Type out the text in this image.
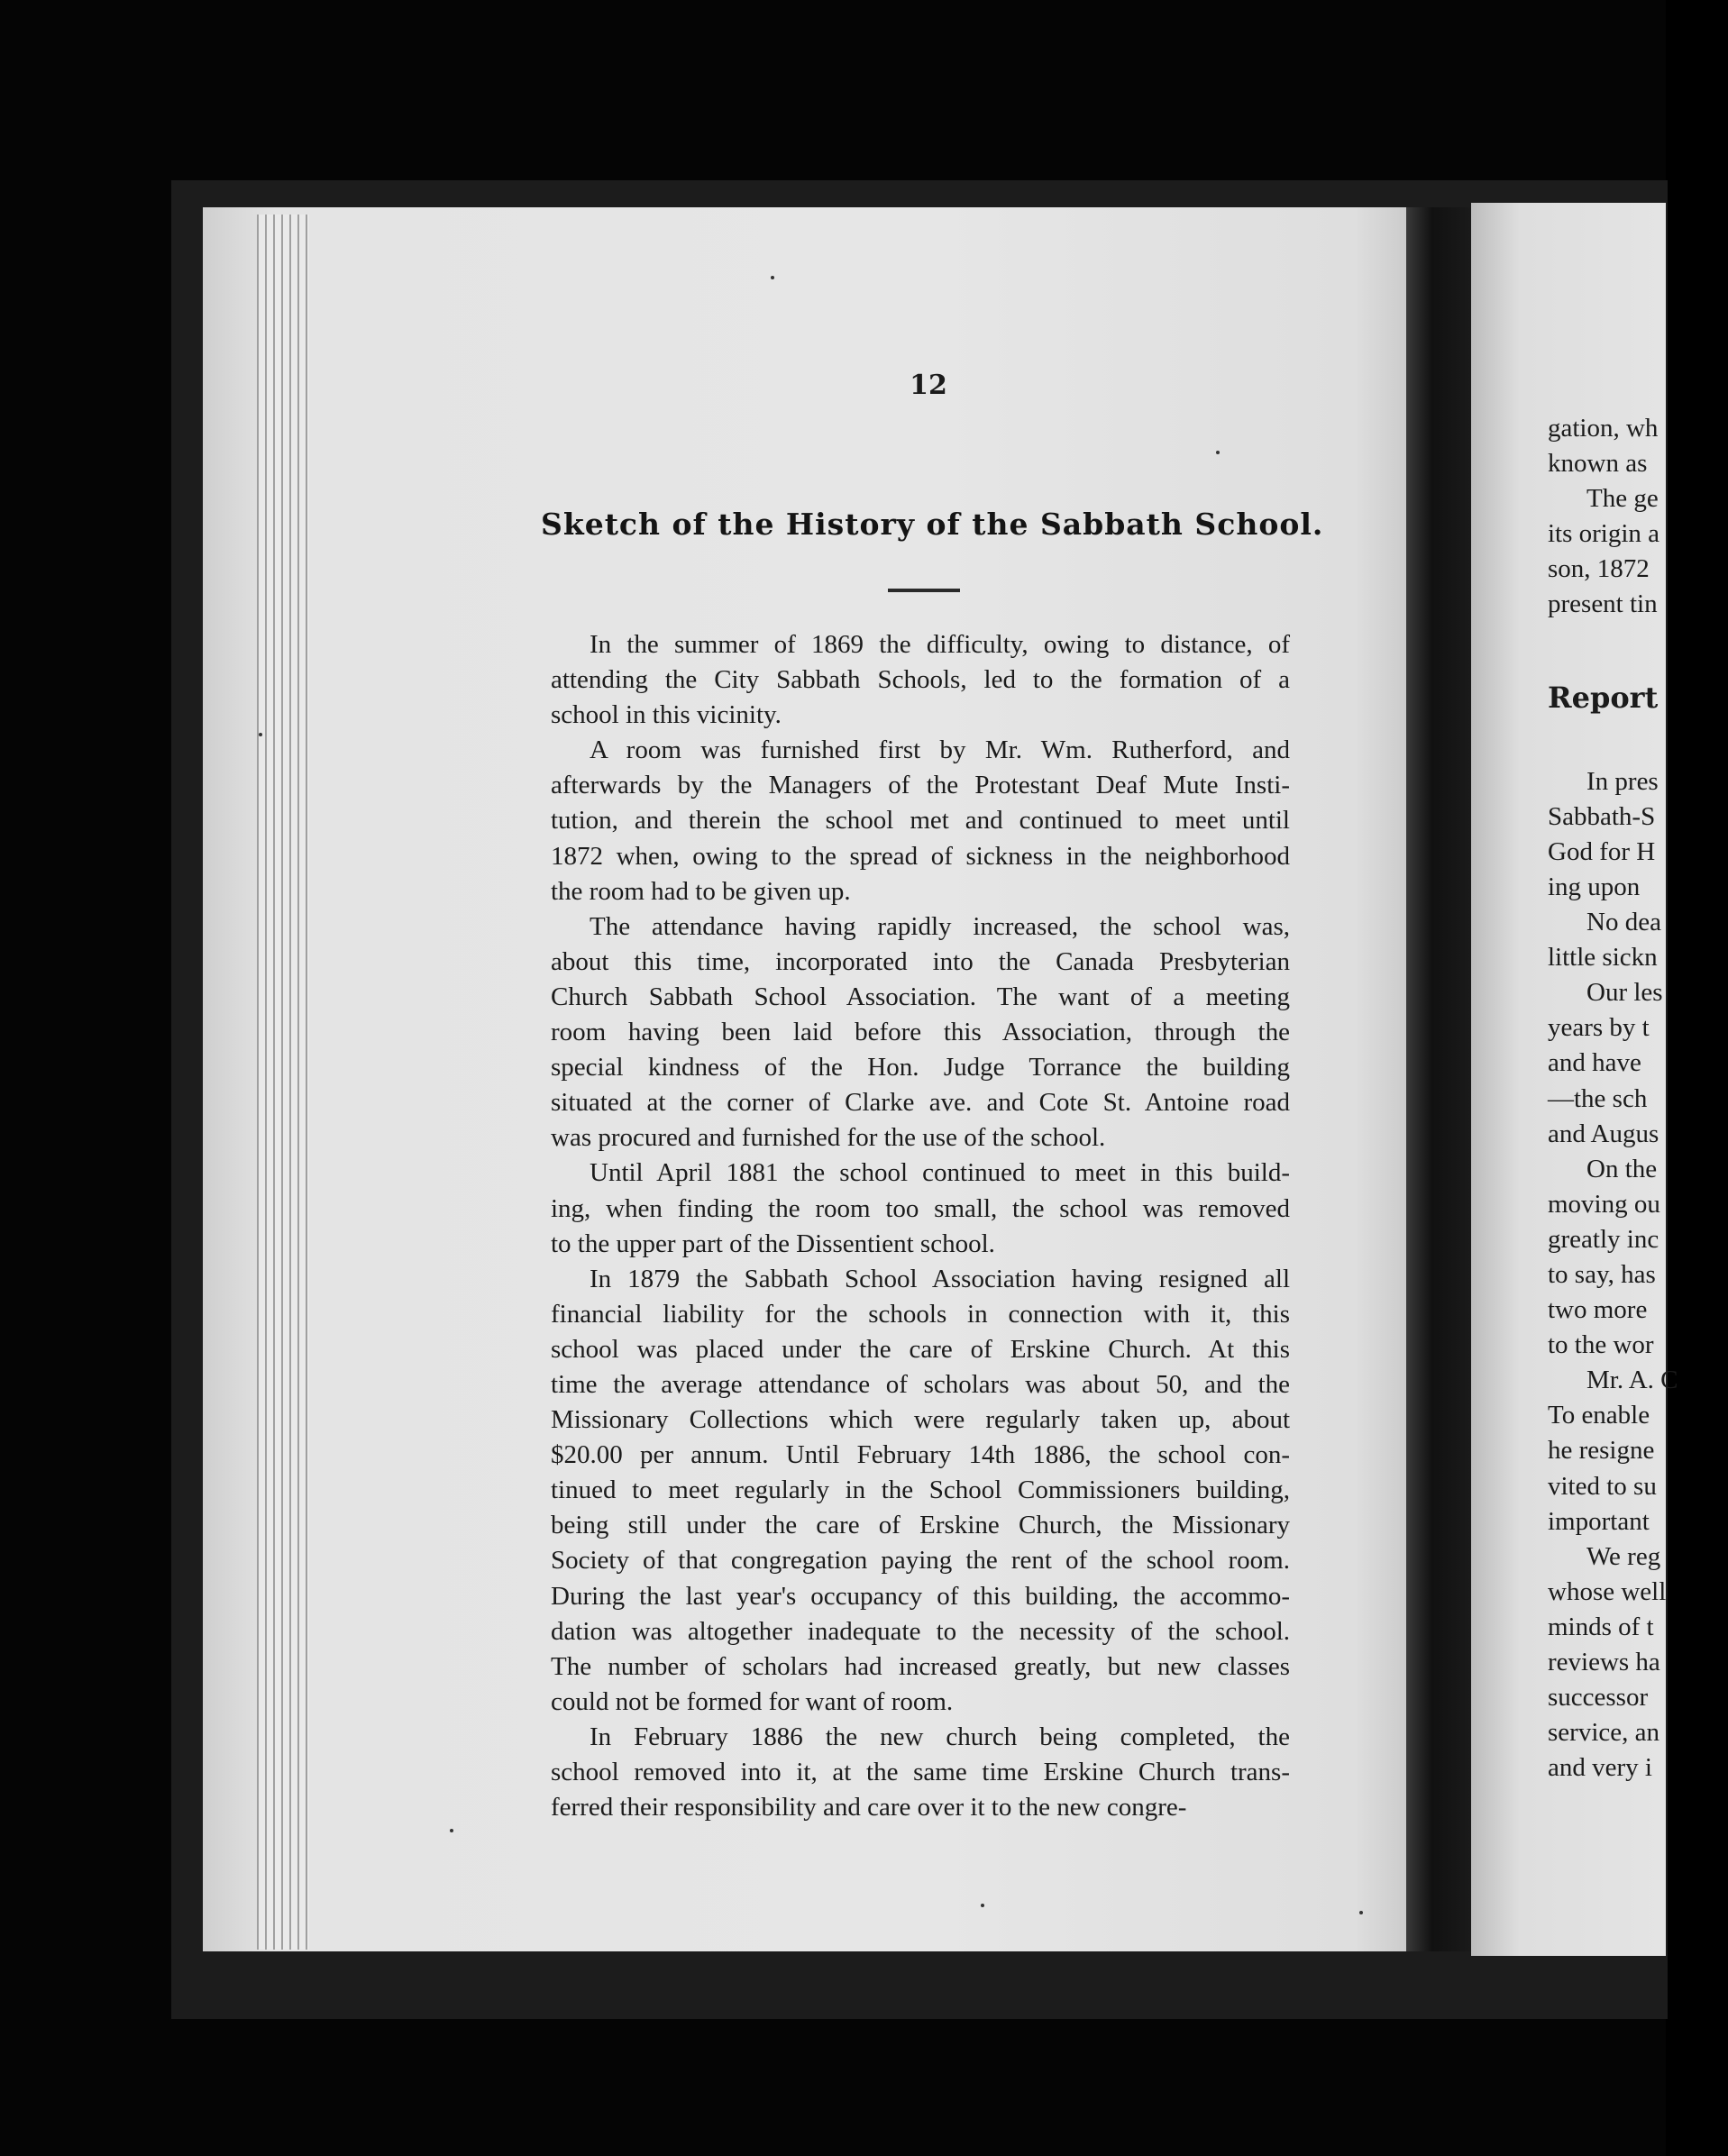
12
Sketch of the History of the Sabbath School.
In the summer of 1869 the difficulty, owing to distance, of
attending the City Sabbath Schools, led to the formation of a
school in this vicinity.
A room was furnished first by Mr. Wm. Rutherford, and
afterwards by the Managers of the Protestant Deaf Mute Insti-
tution, and therein the school met and continued to meet until
1872 when, owing to the spread of sickness in the neighborhood
the room had to be given up.
The attendance having rapidly increased, the school was,
about this time, incorporated into the Canada Presbyterian
Church Sabbath School Association. The want of a meeting
room having been laid before this Association, through the
special kindness of the Hon. Judge Torrance the building
situated at the corner of Clarke ave. and Cote St. Antoine road
was procured and furnished for the use of the school.
Until April 1881 the school continued to meet in this build-
ing, when finding the room too small, the school was removed
to the upper part of the Dissentient school.
In 1879 the Sabbath School Association having resigned all
financial liability for the schools in connection with it, this
school was placed under the care of Erskine Church. At this
time the average attendance of scholars was about 50, and the
Missionary Collections which were regularly taken up, about
$20.00 per annum. Until February 14th 1886, the school con-
tinued to meet regularly in the School Commissioners building,
being still under the care of Erskine Church, the Missionary
Society of that congregation paying the rent of the school room.
During the last year's occupancy of this building, the accommo-
dation was altogether inadequate to the necessity of the school.
The number of scholars had increased greatly, but new classes
could not be formed for want of room.
In February 1886 the new church being completed, the
school removed into it, at the same time Erskine Church trans-
ferred their responsibility and care over it to the new congre-
gation, wh
known as
The ge
its origin a
son, 1872
present tin
Report
In pres
Sabbath-S
God for H
ing upon
No dea
little sickn
Our les
years by t
and have
—the sch
and Augus
On the
moving ou
greatly inc
to say, has
two more
to the wor
Mr. A. C
To enable
he resigne
vited to su
important
We reg
whose well
minds of t
reviews ha
successor
service, an
and very i
